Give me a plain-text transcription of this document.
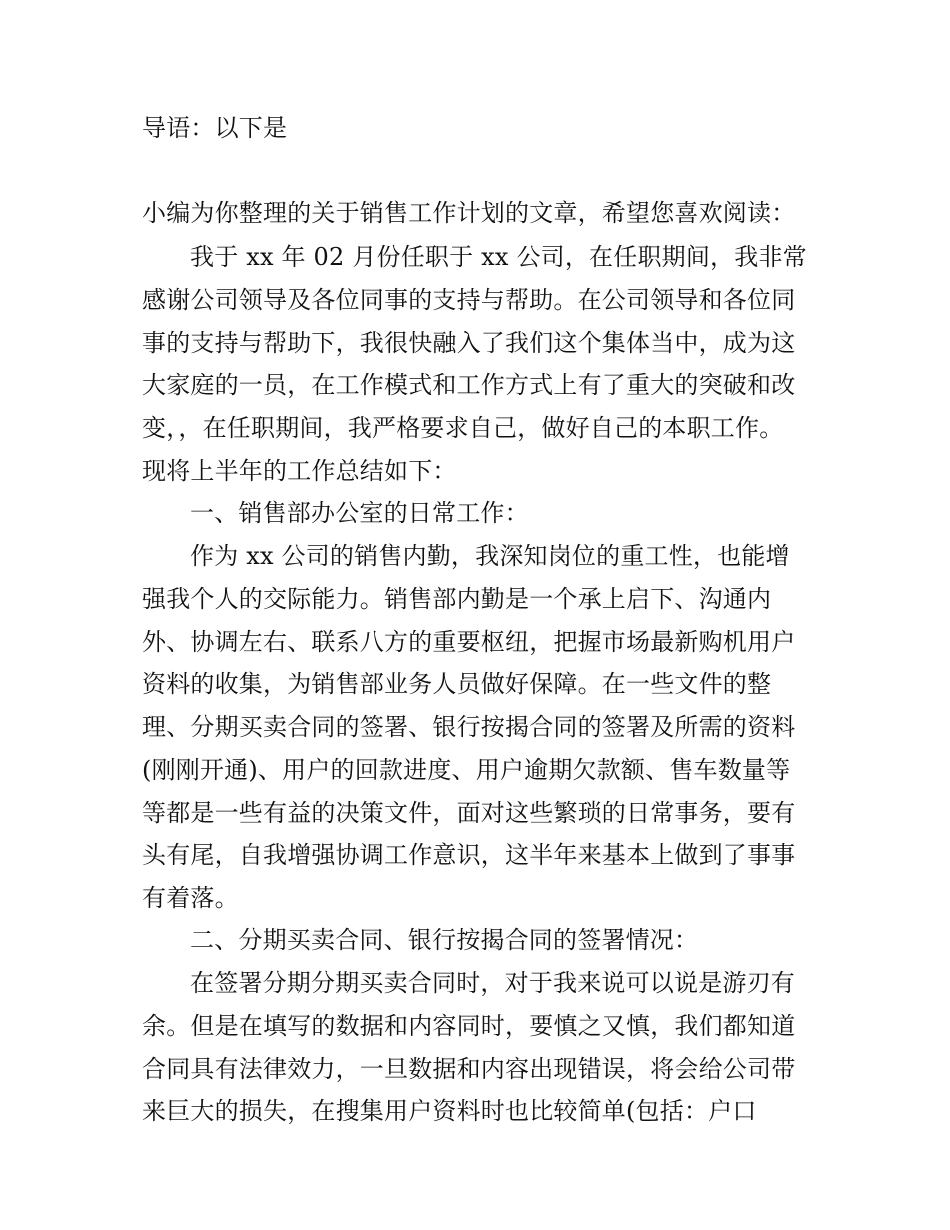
导语：以下是
小编为你整理的关于销售工作计划的文章，希望您喜欢阅读：
我于 xx 年 02 月份任职于 xx 公司，在任职期间，我非常
感谢公司领导及各位同事的支持与帮助。在公司领导和各位同
事的支持与帮助下，我很快融入了我们这个集体当中，成为这
大家庭的一员，在工作模式和工作方式上有了重大的突破和改
变，，在任职期间，我严格要求自己，做好自己的本职工作。
现将上半年的工作总结如下：
一、销售部办公室的日常工作：
作为 xx 公司的销售内勤，我深知岗位的重工性，也能增
强我个人的交际能力。销售部内勤是一个承上启下、沟通内
外、协调左右、联系八方的重要枢纽，把握市场最新购机用户
资料的收集，为销售部业务人员做好保障。在一些文件的整
理、分期买卖合同的签署、银行按揭合同的签署及所需的资料
(刚刚开通)、用户的回款进度、用户逾期欠款额、售车数量等
等都是一些有益的决策文件，面对这些繁琐的日常事务，要有
头有尾，自我增强协调工作意识，这半年来基本上做到了事事
有着落。
二、分期买卖合同、银行按揭合同的签署情况：
在签署分期分期买卖合同时，对于我来说可以说是游刃有
余。但是在填写的数据和内容同时，要慎之又慎，我们都知道
合同具有法律效力，一旦数据和内容出现错误，将会给公司带
来巨大的损失，在搜集用户资料时也比较简单(包括：户口
